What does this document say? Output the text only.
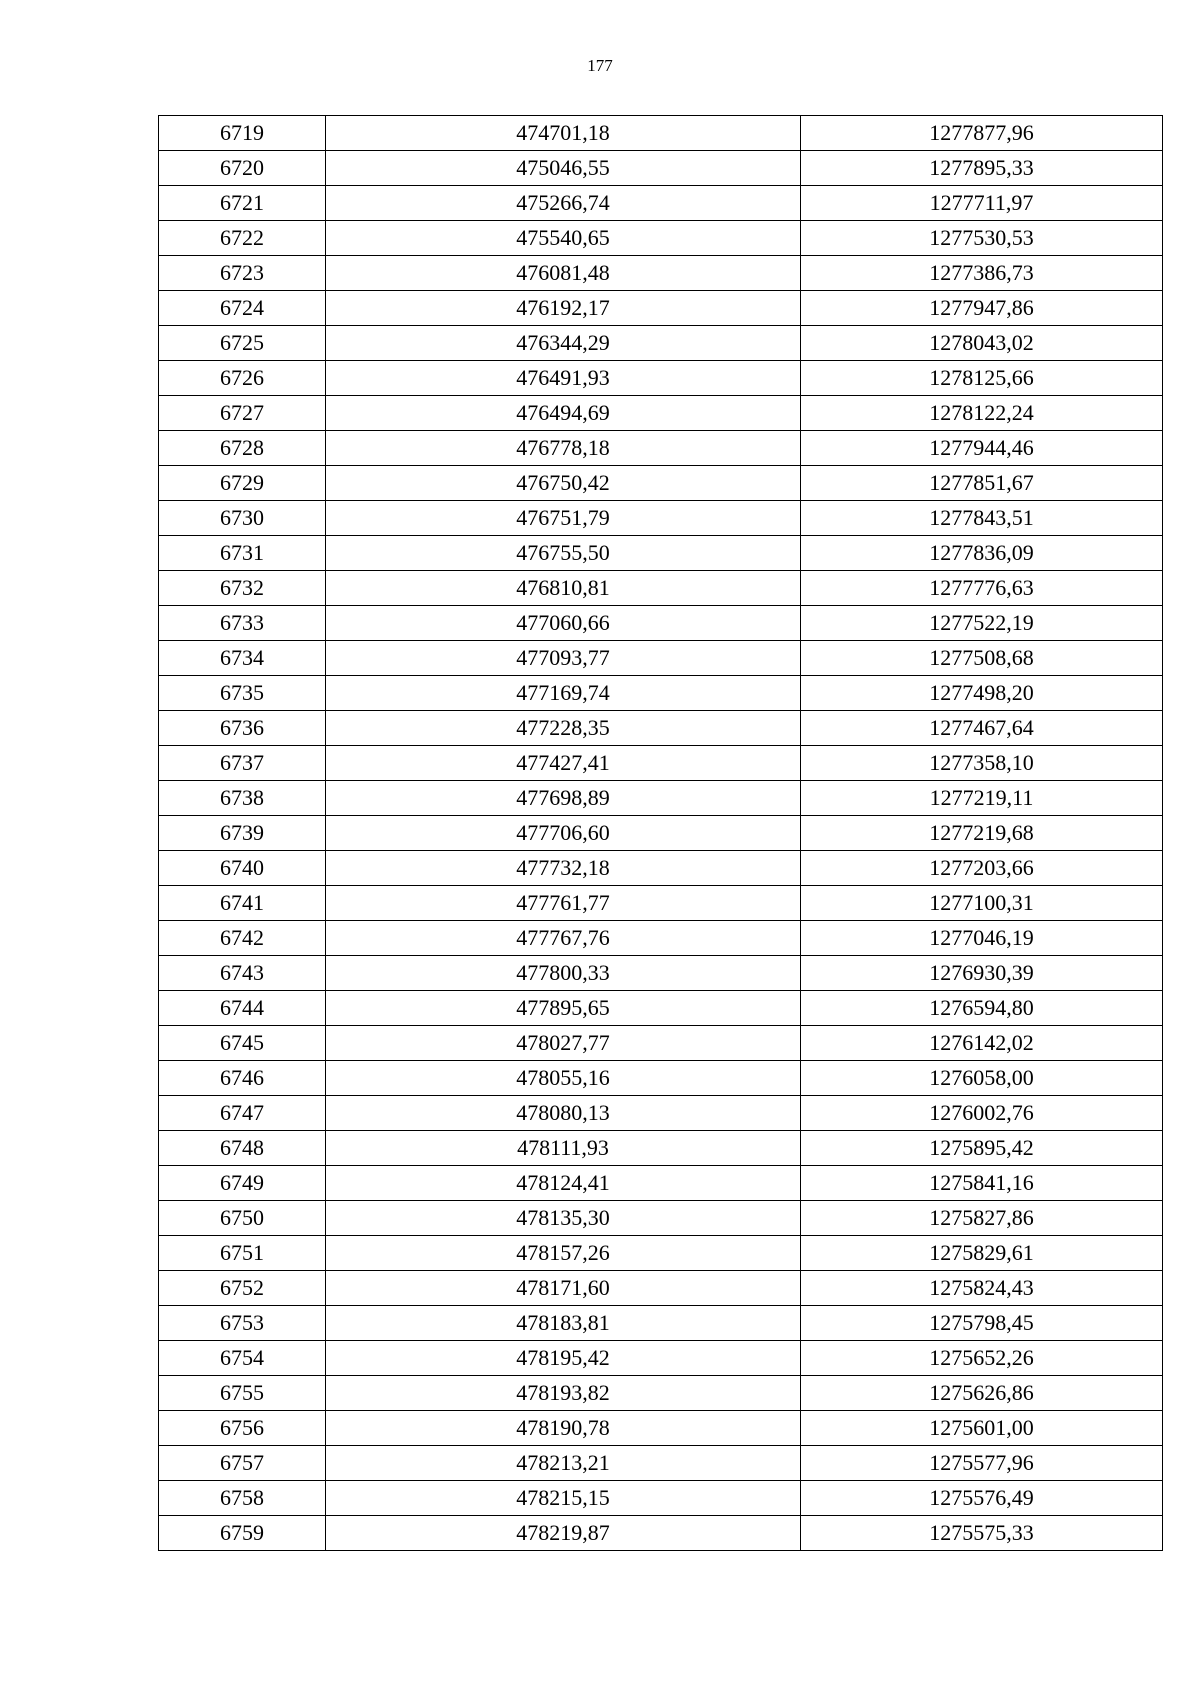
177
6719	474701,18	1277877,96
6720	475046,55	1277895,33
6721	475266,74	1277711,97
6722	475540,65	1277530,53
6723	476081,48	1277386,73
6724	476192,17	1277947,86
6725	476344,29	1278043,02
6726	476491,93	1278125,66
6727	476494,69	1278122,24
6728	476778,18	1277944,46
6729	476750,42	1277851,67
6730	476751,79	1277843,51
6731	476755,50	1277836,09
6732	476810,81	1277776,63
6733	477060,66	1277522,19
6734	477093,77	1277508,68
6735	477169,74	1277498,20
6736	477228,35	1277467,64
6737	477427,41	1277358,10
6738	477698,89	1277219,11
6739	477706,60	1277219,68
6740	477732,18	1277203,66
6741	477761,77	1277100,31
6742	477767,76	1277046,19
6743	477800,33	1276930,39
6744	477895,65	1276594,80
6745	478027,77	1276142,02
6746	478055,16	1276058,00
6747	478080,13	1276002,76
6748	478111,93	1275895,42
6749	478124,41	1275841,16
6750	478135,30	1275827,86
6751	478157,26	1275829,61
6752	478171,60	1275824,43
6753	478183,81	1275798,45
6754	478195,42	1275652,26
6755	478193,82	1275626,86
6756	478190,78	1275601,00
6757	478213,21	1275577,96
6758	478215,15	1275576,49
6759	478219,87	1275575,33
